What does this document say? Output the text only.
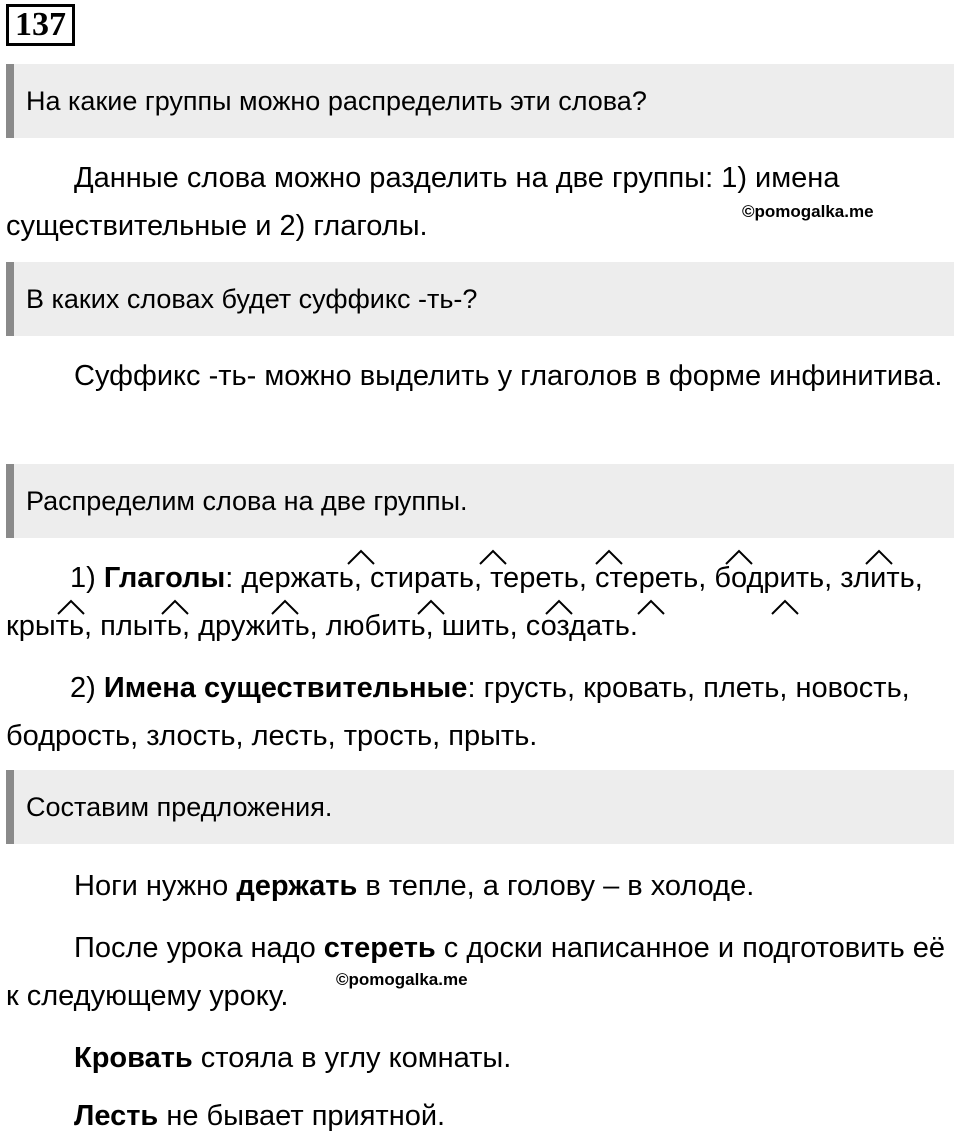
137
На какие группы можно распределить эти слова?
Данные слова можно разделить на две группы: 1) имена существительные и 2) глаголы.	©pomogalka.me
В каких словах будет суффикс -ть-?
Суффикс -ть- можно выделить у глаголов в форме инфинитива.
Распределим слова на две группы.
1) Глаголы: держать, стирать, тереть, стереть, бодрить, злить, крыть, плыть, дружить, любить, шить, создать.
2) Имена существительные: грусть, кровать, плеть, новость, бодрость, злость, лесть, трость, прыть.
Составим предложения.
Ноги нужно держать в тепле, а голову – в холоде.
После урока надо стереть с доски написанное и подготовить её к следующему уроку.
©pomogalka.me
Кровать стояла в углу комнаты.
Лесть не бывает приятной.
